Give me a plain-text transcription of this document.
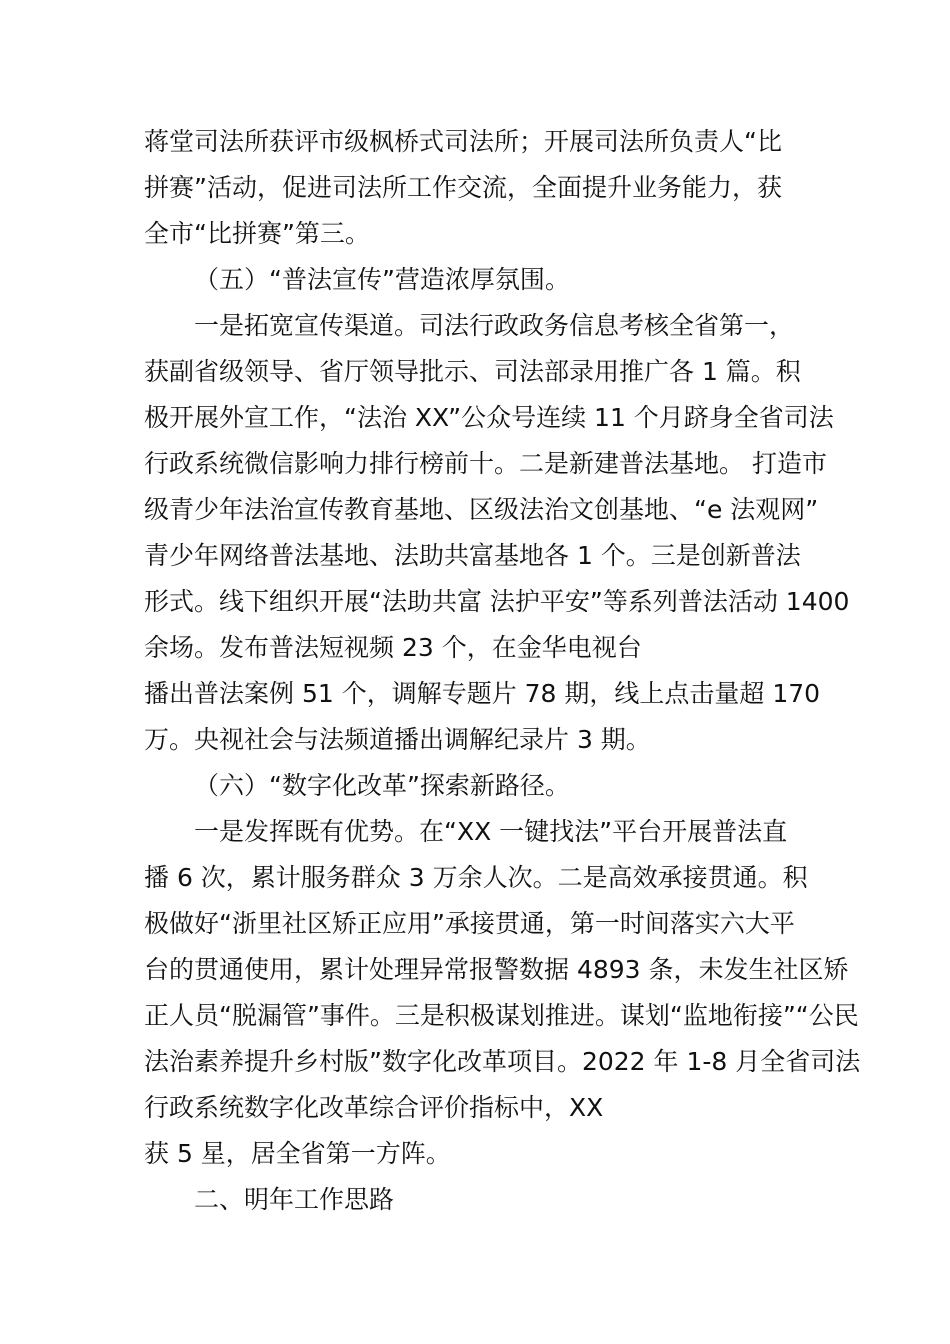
蒋堂司法所获评市级枫桥式司法所；开展司法所负责人“比

拼赛”活动，促进司法所工作交流，全面提升业务能力，获

全市“比拼赛”第三。

（五）“普法宣传”营造浓厚氛围。

一是拓宽宣传渠道。司法行政政务信息考核全省第一，

获副省级领导、省厅领导批示、司法部录用推广各 1 篇。积

极开展外宣工作，“法治 XX”公众号连续 11 个月跻身全省司法

行政系统微信影响力排行榜前十。二是新建普法基地。 打造市

级青少年法治宣传教育基地、区级法治文创基地、“e 法观网”

青少年网络普法基地、法助共富基地各 1 个。三是创新普法

形式。线下组织开展“法助共富 法护平安”等系列普法活动 1400

余场。发布普法短视频 23 个，在金华电视台

播出普法案例 51 个，调解专题片 78 期，线上点击量超 170

万。央视社会与法频道播出调解纪录片 3 期。

（六）“数字化改革”探索新路径。

一是发挥既有优势。在“XX 一键找法”平台开展普法直

播 6 次，累计服务群众 3 万余人次。二是高效承接贯通。积

极做好“浙里社区矫正应用”承接贯通，第一时间落实六大平

台的贯通使用，累计处理异常报警数据 4893 条，未发生社区矫

正人员“脱漏管”事件。三是积极谋划推进。谋划“监地衔接”“公民

法治素养提升乡村版”数字化改革项目。2022 年 1-8 月全省司法

行政系统数字化改革综合评价指标中，XX

获 5 星，居全省第一方阵。

二、明年工作思路
